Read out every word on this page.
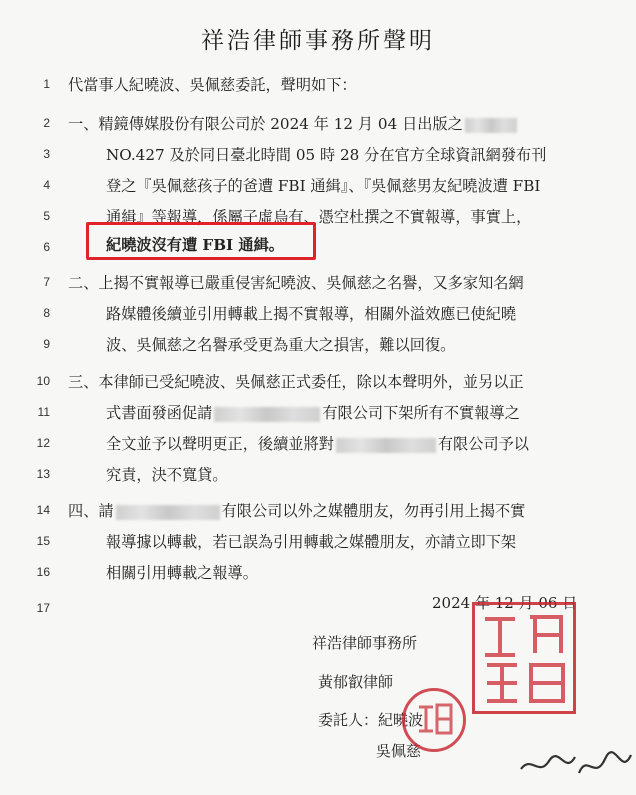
祥浩律師事務所聲明
1 代當事人紀曉波、吳佩慈委託，聲明如下：
2 一、精鏡傳媒股份有限公司於 2024 年 12 月 04 日出版之
3	NO.427 及於同日臺北時間 05 時 28 分在官方全球資訊網發布刊
4	登之『吳佩慈孩子的爸遭 FBI 通緝』、『吳佩慈男友紀曉波遭 FBI
5	通緝』等報導，係屬子虛烏有、憑空杜撰之不實報導，事實上，
6	紀曉波沒有遭 FBI 通緝。
7 二、上揭不實報導已嚴重侵害紀曉波、吳佩慈之名譽，又多家知名網
8	路媒體後續並引用轉載上揭不實報導，相關外溢效應已使紀曉
9	波、吳佩慈之名譽承受更為重大之損害，難以回復。
10 三、本律師已受紀曉波、吳佩慈正式委任，除以本聲明外，並另以正
11	式書面發函促請	有限公司下架所有不實報導之
12	全文並予以聲明更正，後續並將對	有限公司予以
13	究責，決不寬貸。
14 四、請	有限公司以外之媒體朋友，勿再引用上揭不實
15	報導據以轉載，若已誤為引用轉載之媒體朋友，亦請立即下架
16	相關引用轉載之報導。
17	2024 年 12 月 06 日
祥浩律師事務所
黃郁叡律師
委託人：紀曉波
吳佩慈
